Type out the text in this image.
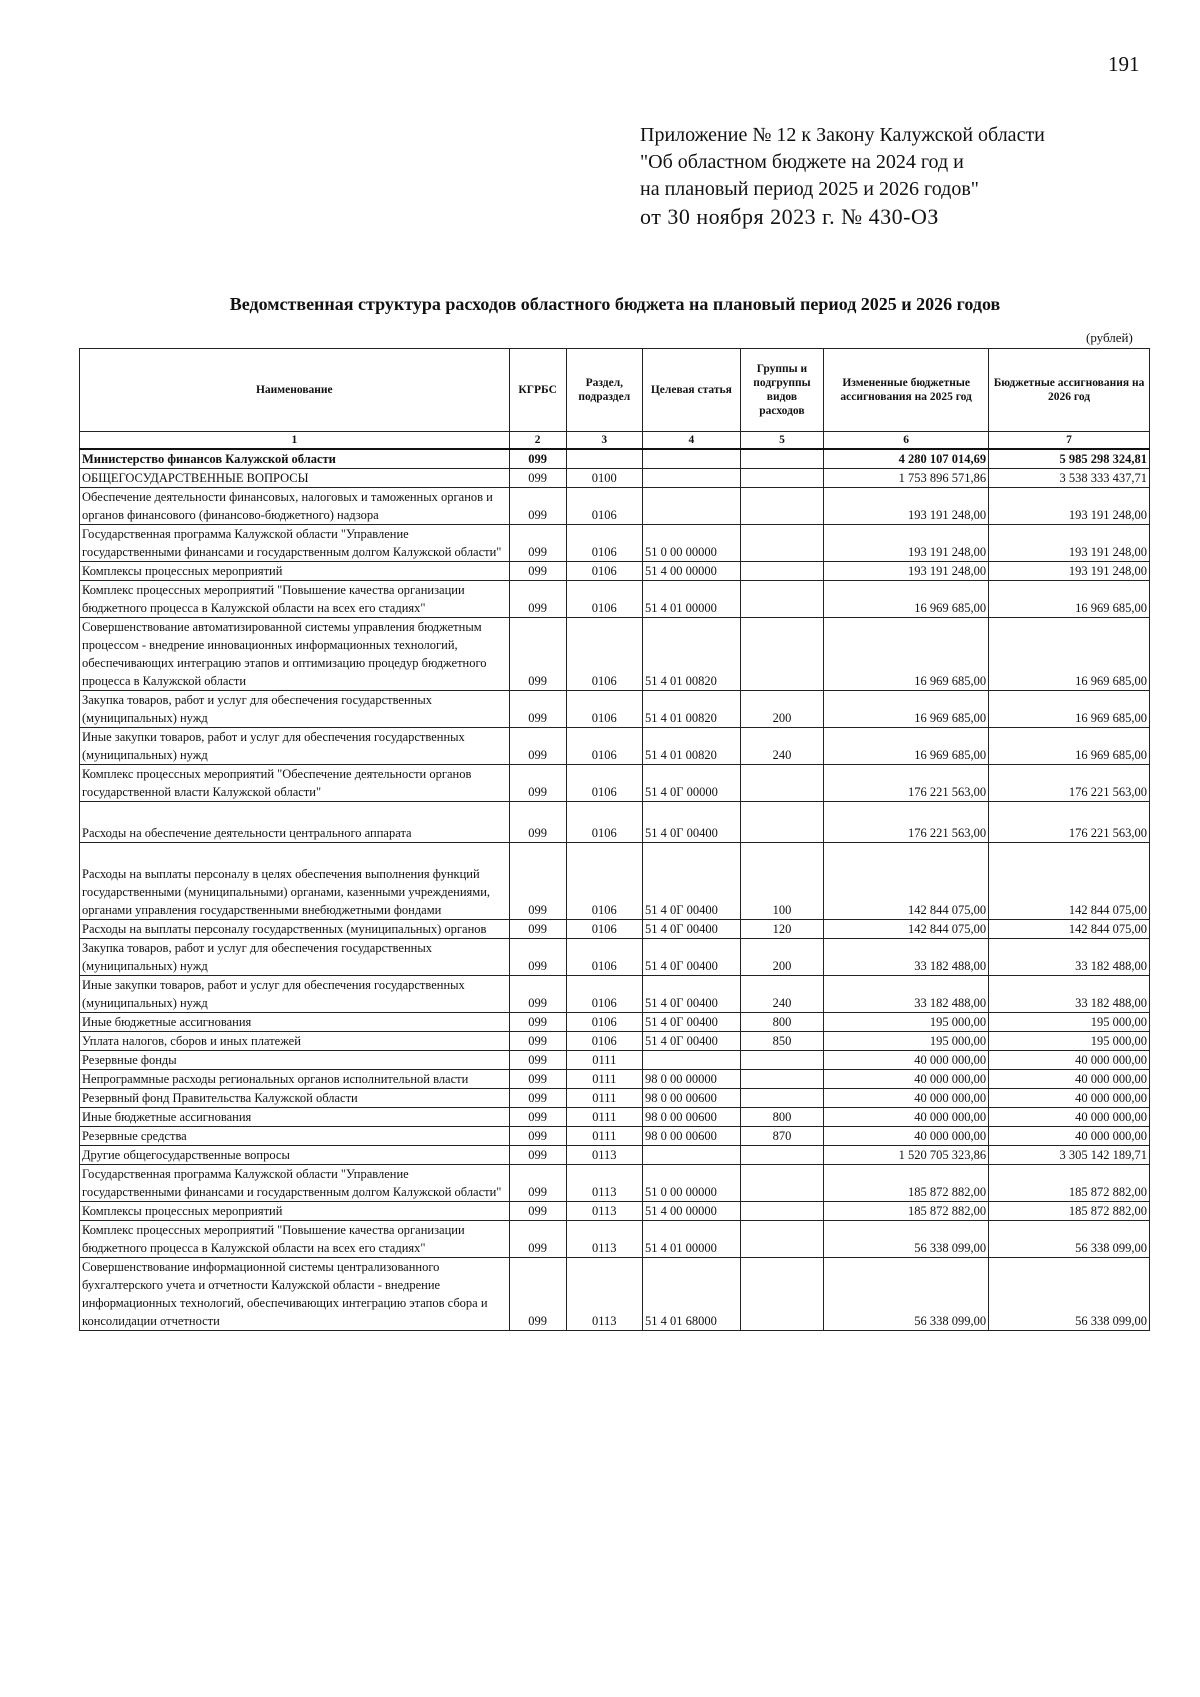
191
Приложение № 12 к Закону Калужской области
"Об областном бюджете на 2024 год и
на плановый период 2025 и 2026 годов"
от 30 ноября 2023 г. № 430-ОЗ
Ведомственная структура расходов областного бюджета на плановый период 2025 и 2026 годов
(рублей)
Наименование	КГРБС	Раздел, подраздел	Целевая статья	Группы и подгруппы видов расходов	Измененные бюджетные ассигнования на 2025 год	Бюджетные ассигнования на 2026 год
1	2	3	4	5	6	7
Министерство финансов Калужской области	099				4 280 107 014,69	5 985 298 324,81
ОБЩЕГОСУДАРСТВЕННЫЕ ВОПРОСЫ	099	0100			1 753 896 571,86	3 538 333 437,71
Обеспечение деятельности финансовых, налоговых и таможенных органов и органов финансового (финансово-бюджетного) надзора	099	0106			193 191 248,00	193 191 248,00
Государственная программа Калужской области "Управление государственными финансами и государственным долгом Калужской области"	099	0106	51 0 00 00000		193 191 248,00	193 191 248,00
Комплексы процессных мероприятий	099	0106	51 4 00 00000		193 191 248,00	193 191 248,00
Комплекс процессных мероприятий "Повышение качества организации бюджетного процесса в Калужской области на всех его стадиях"	099	0106	51 4 01 00000		16 969 685,00	16 969 685,00
Совершенствование автоматизированной системы управления бюджетным процессом - внедрение инновационных информационных технологий, обеспечивающих интеграцию этапов и оптимизацию процедур бюджетного процесса в Калужской области	099	0106	51 4 01 00820		16 969 685,00	16 969 685,00
Закупка товаров, работ и услуг для обеспечения государственных (муниципальных) нужд	099	0106	51 4 01 00820	200	16 969 685,00	16 969 685,00
Иные закупки товаров, работ и услуг для обеспечения государственных (муниципальных) нужд	099	0106	51 4 01 00820	240	16 969 685,00	16 969 685,00
Комплекс процессных мероприятий "Обеспечение деятельности органов государственной власти Калужской области"	099	0106	51 4 0Г 00000		176 221 563,00	176 221 563,00
Расходы на обеспечение деятельности центрального аппарата	099	0106	51 4 0Г 00400		176 221 563,00	176 221 563,00
Расходы на выплаты персоналу в целях обеспечения выполнения функций государственными (муниципальными) органами, казенными учреждениями, органами управления государственными внебюджетными фондами	099	0106	51 4 0Г 00400	100	142 844 075,00	142 844 075,00
Расходы на выплаты персоналу государственных (муниципальных) органов	099	0106	51 4 0Г 00400	120	142 844 075,00	142 844 075,00
Закупка товаров, работ и услуг для обеспечения государственных (муниципальных) нужд	099	0106	51 4 0Г 00400	200	33 182 488,00	33 182 488,00
Иные закупки товаров, работ и услуг для обеспечения государственных (муниципальных) нужд	099	0106	51 4 0Г 00400	240	33 182 488,00	33 182 488,00
Иные бюджетные ассигнования	099	0106	51 4 0Г 00400	800	195 000,00	195 000,00
Уплата налогов, сборов и иных платежей	099	0106	51 4 0Г 00400	850	195 000,00	195 000,00
Резервные фонды	099	0111			40 000 000,00	40 000 000,00
Непрограммные расходы региональных органов исполнительной власти	099	0111	98 0 00 00000		40 000 000,00	40 000 000,00
Резервный фонд Правительства Калужской области	099	0111	98 0 00 00600		40 000 000,00	40 000 000,00
Иные бюджетные ассигнования	099	0111	98 0 00 00600	800	40 000 000,00	40 000 000,00
Резервные средства	099	0111	98 0 00 00600	870	40 000 000,00	40 000 000,00
Другие общегосударственные вопросы	099	0113			1 520 705 323,86	3 305 142 189,71
Государственная программа Калужской области "Управление государственными финансами и государственным долгом Калужской области"	099	0113	51 0 00 00000		185 872 882,00	185 872 882,00
Комплексы процессных мероприятий	099	0113	51 4 00 00000		185 872 882,00	185 872 882,00
Комплекс процессных мероприятий "Повышение качества организации бюджетного процесса в Калужской области на всех его стадиях"	099	0113	51 4 01 00000		56 338 099,00	56 338 099,00
Совершенствование информационной системы централизованного бухгалтерского учета и отчетности Калужской области - внедрение информационных технологий, обеспечивающих интеграцию этапов сбора и консолидации отчетности	099	0113	51 4 01 68000		56 338 099,00	56 338 099,00
